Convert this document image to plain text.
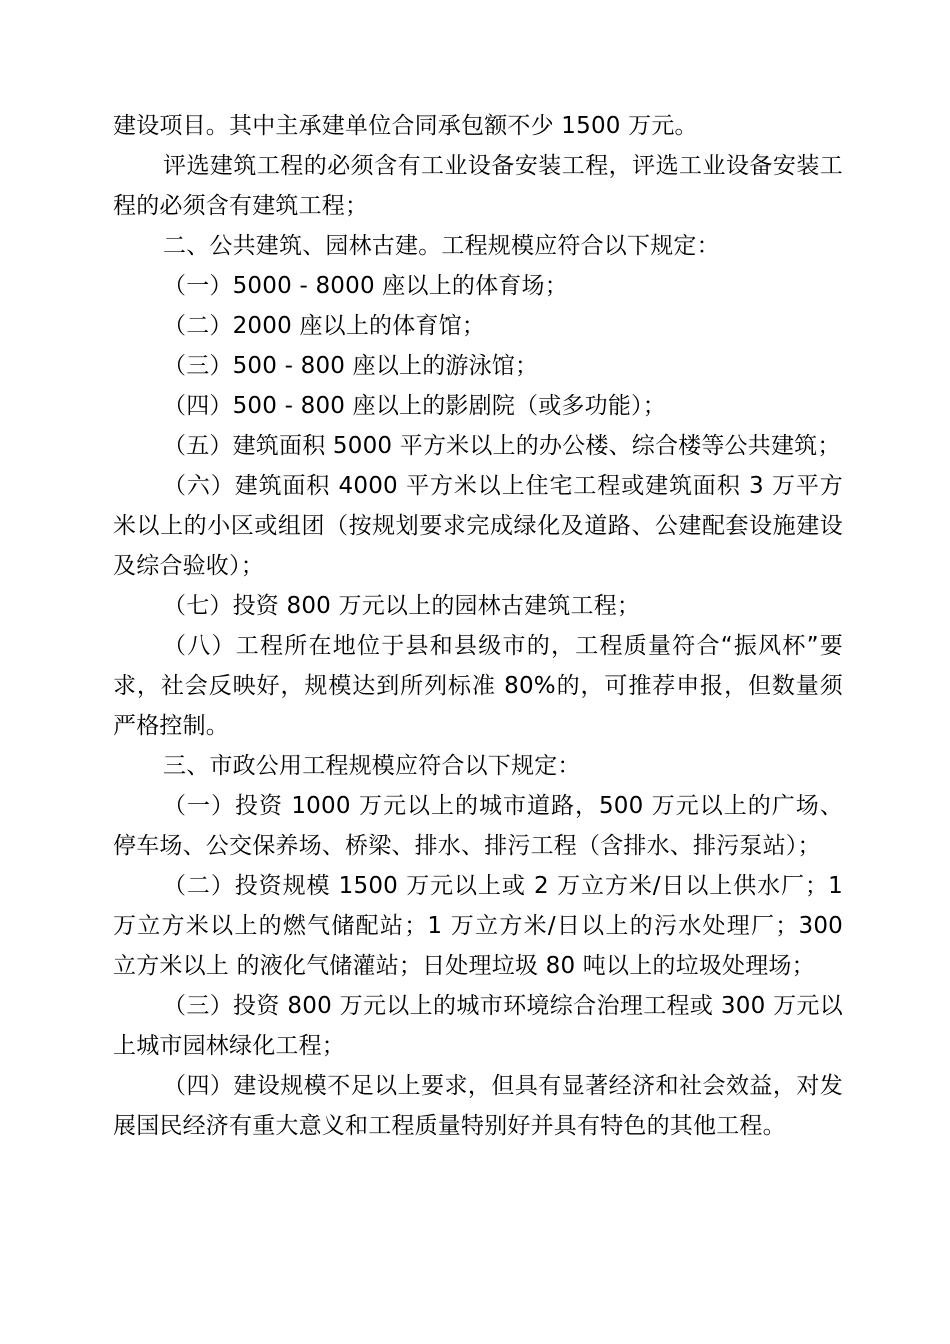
建设项目。其中主承建单位合同承包额不少 1500 万元。

评选建筑工程的必须含有工业设备安装工程，评选工业设备安装工程的必须含有建筑工程；

二、公共建筑、园林古建。工程规模应符合以下规定：

（一）5000 - 8000 座以上的体育场；

（二）2000 座以上的体育馆；

（三）500 - 800 座以上的游泳馆；

（四）500 - 800 座以上的影剧院（或多功能）；

（五）建筑面积 5000 平方米以上的办公楼、综合楼等公共建筑；

（六）建筑面积 4000 平方米以上住宅工程或建筑面积 3 万平方米以上的小区或组团（按规划要求完成绿化及道路、公建配套设施建设及综合验收）；

（七）投资 800 万元以上的园林古建筑工程；

（八）工程所在地位于县和县级市的，工程质量符合“振风杯”要求，社会反映好，规模达到所列标准 80%的，可推荐申报，但数量须严格控制。

三、市政公用工程规模应符合以下规定：

（一）投资 1000 万元以上的城市道路，500 万元以上的广场、停车场、公交保养场、桥梁、排水、排污工程（含排水、排污泵站）；

（二）投资规模 1500 万元以上或 2 万立方米/日以上供水厂；1 万立方米以上的燃气储配站；1 万立方米/日以上的污水处理厂；300 立方米以上 的液化气储灌站；日处理垃圾 80 吨以上的垃圾处理场；

（三）投资 800 万元以上的城市环境综合治理工程或 300 万元以上城市园林绿化工程；

（四）建设规模不足以上要求，但具有显著经济和社会效益，对发展国民经济有重大意义和工程质量特别好并具有特色的其他工程。
